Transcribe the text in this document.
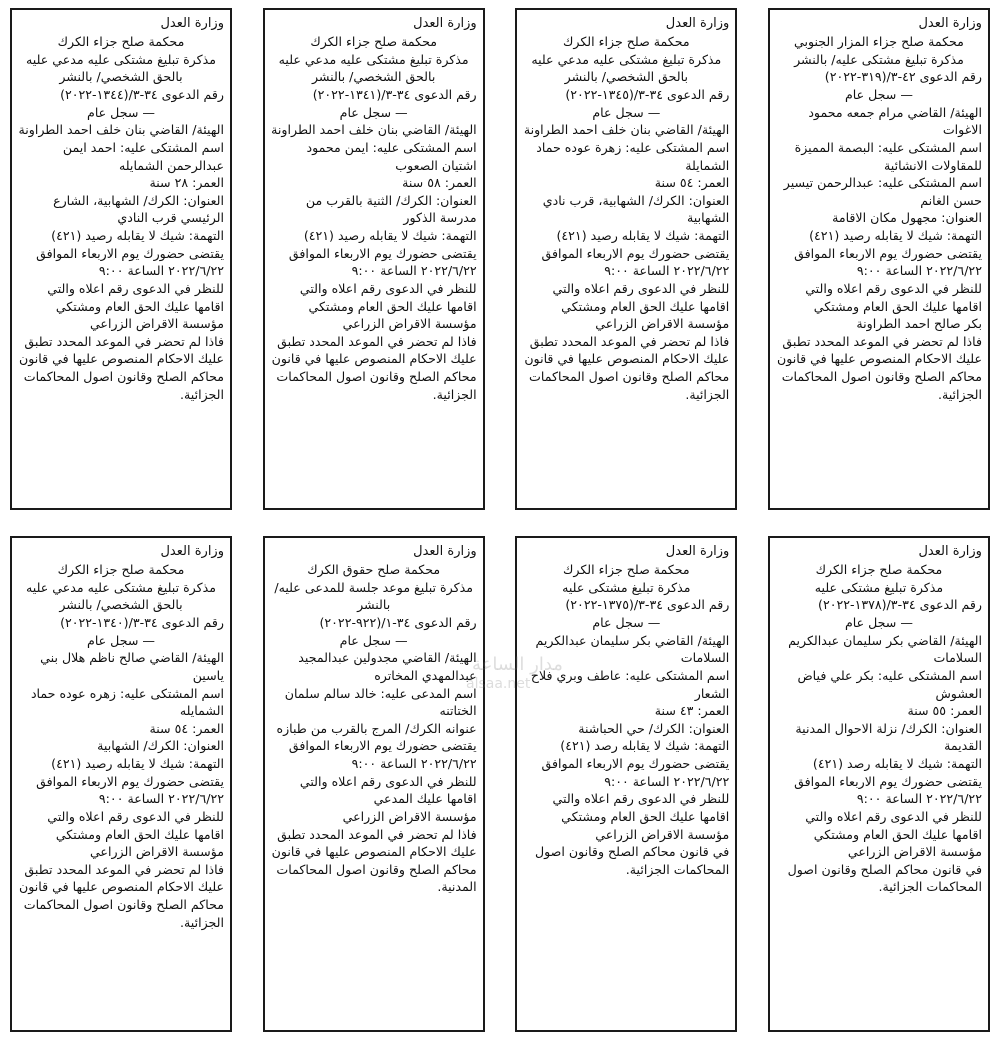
وزارة العدل

محكمة صلح جزاء المزار الجنوبي

مذكرة تبليغ مشتكى عليه/ بالنشر

رقم الدعوى ٤٢-٣/(٣١٩-٢٠٢٢)

— سجل عام

الهيئة/ القاضي مرام جمعه محمود الاغوات

اسم المشتكى عليه: البصمة المميزة للمقاولات الانشائية

اسم المشتكى عليه: عبدالرحمن تيسير حسن الغانم

العنوان: مجهول مكان الاقامة

التهمة: شيك لا يقابله رصيد (٤٢١)

يقتضى حضورك يوم الاربعاء الموافق ٢٠٢٢/٦/٢٢ الساعة ٩:٠٠

للنظر في الدعوى رقم اعلاه والتي اقامها عليك الحق العام ومشتكي

بكر صالح احمد الطراونة

فاذا لم تحضر في الموعد المحدد تطبق عليك الاحكام المنصوص عليها في قانون محاكم الصلح وقانون اصول المحاكمات الجزائية.

وزارة العدل

محكمة صلح جزاء الكرك

مذكرة تبليغ مشتكى عليه مدعي عليه بالحق الشخصي/ بالنشر

رقم الدعوى ٣٤-٣/(١٣٤٥-٢٠٢٢)

— سجل عام

الهيئة/ القاضي بنان خلف احمد الطراونة

اسم المشتكى عليه: زهرة عوده حماد الشمايلة

العمر: ٥٤ سنة

العنوان: الكرك/ الشهابية، قرب نادي الشهابية

التهمة: شيك لا يقابله رصيد (٤٢١)

يقتضى حضورك يوم الاربعاء الموافق ٢٠٢٢/٦/٢٢ الساعة ٩:٠٠

للنظر في الدعوى رقم اعلاه والتي اقامها عليك الحق العام ومشتكي

مؤسسة الاقراض الزراعي

فاذا لم تحضر في الموعد المحدد تطبق عليك الاحكام المنصوص عليها في قانون محاكم الصلح وقانون اصول المحاكمات الجزائية.

وزارة العدل

محكمة صلح جزاء الكرك

مذكرة تبليغ مشتكى عليه مدعي عليه بالحق الشخصي/ بالنشر

رقم الدعوى ٣٤-٣/(١٣٤١-٢٠٢٢)

— سجل عام

الهيئة/ القاضي بنان خلف احمد الطراونة

اسم المشتكى عليه: ايمن محمود اشتيان الصعوب

العمر: ٥٨ سنة

العنوان: الكرك/ الثنية بالقرب من مدرسة الذكور

التهمة: شيك لا يقابله رصيد (٤٢١)

يقتضى حضورك يوم الاربعاء الموافق ٢٠٢٢/٦/٢٢ الساعة ٩:٠٠

للنظر في الدعوى رقم اعلاه والتي اقامها عليك الحق العام ومشتكي

مؤسسة الاقراض الزراعي

فاذا لم تحضر في الموعد المحدد تطبق عليك الاحكام المنصوص عليها في قانون محاكم الصلح وقانون اصول المحاكمات الجزائية.

وزارة العدل

محكمة صلح جزاء الكرك

مذكرة تبليغ مشتكى عليه مدعي عليه بالحق الشخصي/ بالنشر

رقم الدعوى ٣٤-٣/(١٣٤٤-٢٠٢٢)

— سجل عام

الهيئة/ القاضي بنان خلف احمد الطراونة

اسم المشتكى عليه: احمد ايمن عبدالرحمن الشمايله

العمر: ٢٨ سنة

العنوان: الكرك/ الشهابية، الشارع الرئيسي قرب النادي

التهمة: شيك لا يقابله رصيد (٤٢١)

يقتضى حضورك يوم الاربعاء الموافق ٢٠٢٢/٦/٢٢ الساعة ٩:٠٠

للنظر في الدعوى رقم اعلاه والتي اقامها عليك الحق العام ومشتكي

مؤسسة الاقراض الزراعي

فاذا لم تحضر في الموعد المحدد تطبق عليك الاحكام المنصوص عليها في قانون محاكم الصلح وقانون اصول المحاكمات الجزائية.

وزارة العدل

محكمة صلح جزاء الكرك

مذكرة تبليغ مشتكى عليه

رقم الدعوى ٣٤-٣/(١٣٧٨-٢٠٢٢)

— سجل عام

الهيئة/ القاضي بكر سليمان عبدالكريم السلامات

اسم المشتكى عليه: بكر علي فياض العشوش

العمر: ٥٥ سنة

العنوان: الكرك/ نزلة الاحوال المدنية القديمة

التهمة: شيك لا يقابله رصد (٤٢١)

يقتضى حضورك يوم الاربعاء الموافق ٢٠٢٢/٦/٢٢ الساعة ٩:٠٠

للنظر في الدعوى رقم اعلاه والتي اقامها عليك الحق العام ومشتكي

مؤسسة الاقراض الزراعي

في قانون محاكم الصلح وقانون اصول المحاكمات الجزائية.

وزارة العدل

محكمة صلح جزاء الكرك

مذكرة تبليغ مشتكى عليه

رقم الدعوى ٣٤-٣/(١٣٧٥-٢٠٢٢)

— سجل عام

الهيئة/ القاضي بكر سليمان عبدالكريم السلامات

اسم المشتكى عليه: عاطف وبري فلاح الشعار

العمر: ٤٣ سنة

العنوان: الكرك/ حي الحباشنة

التهمة: شيك لا يقابله رصد (٤٢١)

يقتضى حضورك يوم الاربعاء الموافق ٢٠٢٢/٦/٢٢ الساعة ٩:٠٠

للنظر في الدعوى رقم اعلاه والتي اقامها عليك الحق العام ومشتكي

مؤسسة الاقراض الزراعي

في قانون محاكم الصلح وقانون اصول المحاكمات الجزائية.

وزارة العدل

محكمة صلح حقوق الكرك

مذكرة تبليغ موعد جلسة للمدعى عليه/ بالنشر

رقم الدعوى ٣٤-١/(٩٢٢-٢٠٢٢)

— سجل عام

الهيئة/ القاضي مجدولين عبدالمجيد عبدالمهدي المخاتره

اسم المدعى عليه: خالد سالم سلمان الختاتنه

عنوانه الكرك/ المرج بالقرب من طبازه

يقتضى حضورك يوم الاربعاء الموافق ٢٠٢٢/٦/٢٢ الساعة ٩:٠٠

للنظر في الدعوى رقم اعلاه والتي اقامها عليك المدعي

مؤسسة الاقراض الزراعي

فاذا لم تحضر في الموعد المحدد تطبق عليك الاحكام المنصوص عليها في قانون محاكم الصلح وقانون اصول المحاكمات المدنية.

وزارة العدل

محكمة صلح جزاء الكرك

مذكرة تبليغ مشتكى عليه مدعي عليه بالحق الشخصي/ بالنشر

رقم الدعوى ٣٤-٣/(١٣٤٠-٢٠٢٢)

— سجل عام

الهيئة/ القاضي صالح ناظم هلال بني ياسين

اسم المشتكى عليه: زهره عوده حماد الشمايله

العمر: ٥٤ سنة

العنوان: الكرك/ الشهابية

التهمة: شيك لا يقابله رصيد (٤٢١)

يقتضى حضورك يوم الاربعاء الموافق ٢٠٢٢/٦/٢٢ الساعة ٩:٠٠

للنظر في الدعوى رقم اعلاه والتي اقامها عليك الحق العام ومشتكي

مؤسسة الاقراض الزراعي

فاذا لم تحضر في الموعد المحدد تطبق عليك الاحكام المنصوص عليها في قانون محاكم الصلح وقانون اصول المحاكمات الجزائية.

مدار الساعة
alsaa.net
